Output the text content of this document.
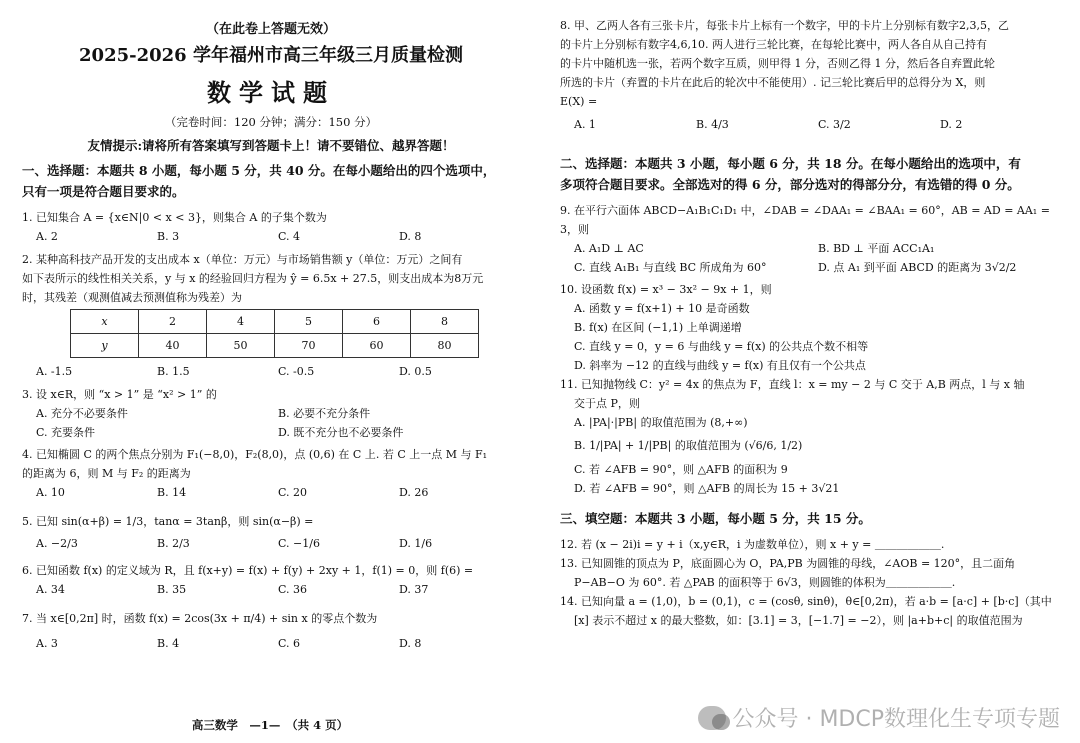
（在此卷上答题无效）
2025-2026 学年福州市高三年级三月质量检测
数学试题
（完卷时间：120 分钟；满分：150 分）
友情提示:请将所有答案填写到答题卡上！请不要错位、越界答题！
一、选择题：本题共 8 小题，每小题 5 分，共 40 分。在每小题给出的四个选项中，
只有一项是符合题目要求的。
1. 已知集合 A = {x∈N|0 < x < 3}，则集合 A 的子集个数为
A. 2	B. 3	C. 4	D. 8
2. 某种高科技产品开发的支出成本 x（单位：万元）与市场销售额 y（单位：万元）之间有
如下表所示的线性相关关系，y 与 x 的经验回归方程为 ŷ = 6.5x + 27.5，则支出成本为8万元
时，其残差（观测值减去预测值称为残差）为
x	2	4	5	6	8
y	40	50	70	60	80
A. -1.5	B. 1.5	C. -0.5	D. 0.5
3. 设 x∈R，则 “x > 1” 是 “x² > 1” 的
A. 充分不必要条件	B. 必要不充分条件
C. 充要条件	D. 既不充分也不必要条件
4. 已知椭圆 C 的两个焦点分别为 F₁(−8,0)，F₂(8,0)，点 (0,6) 在 C 上. 若 C 上一点 M 与 F₁
的距离为 6，则 M 与 F₂ 的距离为
A. 10	B. 14	C. 20	D. 26
5. 已知 sin(α+β) = 1/3，tanα = 3tanβ，则 sin(α−β) =
A. −2/3	B. 2/3	C. −1/6	D. 1/6
6. 已知函数 f(x) 的定义域为 R，且 f(x+y) = f(x) + f(y) + 2xy + 1，f(1) = 0，则 f(6) =
A. 34	B. 35	C. 36	D. 37
7. 当 x∈[0,2π] 时，函数 f(x) = 2cos(3x + π/4) + sin x 的零点个数为
A. 3	B. 4	C. 6	D. 8
高三数学　—1—　（共 4 页）
8. 甲、乙两人各有三张卡片，每张卡片上标有一个数字，甲的卡片上分别标有数字2,3,5，乙
的卡片上分别标有数字4,6,10. 两人进行三轮比赛，在每轮比赛中，两人各自从自己持有
的卡片中随机选一张，若两个数字互质，则甲得 1 分，否则乙得 1 分，然后各自弃置此轮
所选的卡片（弃置的卡片在此后的轮次中不能使用）. 记三轮比赛后甲的总得分为 X，则
E(X) =
A. 1	B. 4/3	C. 3/2	D. 2
二、选择题：本题共 3 小题，每小题 6 分，共 18 分。在每小题给出的选项中，有
多项符合题目要求。全部选对的得 6 分，部分选对的得部分分，有选错的得 0 分。
9. 在平行六面体 ABCD−A₁B₁C₁D₁ 中，∠DAB = ∠DAA₁ = ∠BAA₁ = 60°，AB = AD = AA₁ = 3，则
A. A₁D ⊥ AC	B. BD ⊥ 平面 ACC₁A₁
C. 直线 A₁B₁ 与直线 BC 所成角为 60°	D. 点 A₁ 到平面 ABCD 的距离为 3√2/2
10. 设函数 f(x) = x³ − 3x² − 9x + 1，则
A. 函数 y = f(x+1) + 10 是奇函数
B. f(x) 在区间 (−1,1) 上单调递增
C. 直线 y = 0，y = 6 与曲线 y = f(x) 的公共点个数不相等
D. 斜率为 −12 的直线与曲线 y = f(x) 有且仅有一个公共点
11. 已知抛物线 C：y² = 4x 的焦点为 F，直线 l：x = my − 2 与 C 交于 A,B 两点，l 与 x 轴
交于点 P，则
A. |PA|·|PB| 的取值范围为 (8,+∞)
B. 1/|PA| + 1/|PB| 的取值范围为 (√6/6, 1/2)
C. 若 ∠AFB = 90°，则 △AFB 的面积为 9
D. 若 ∠AFB = 90°，则 △AFB 的周长为 15 + 3√21
三、填空题：本题共 3 小题，每小题 5 分，共 15 分。
12. 若 (x − 2i)i = y + i（x,y∈R，i 为虚数单位），则 x + y = ＿＿＿＿＿＿.
13. 已知圆锥的顶点为 P，底面圆心为 O，PA,PB 为圆锥的母线，∠AOB = 120°，且二面角
P−AB−O 为 60°. 若 △PAB 的面积等于 6√3，则圆锥的体积为＿＿＿＿＿＿.
14. 已知向量 a = (1,0)，b = (0,1)，c = (cosθ, sinθ)，θ∈[0,2π)，若 a·b = [a·c] + [b·c]（其中
[x] 表示不超过 x 的最大整数，如：[3.1] = 3，[−1.7] = −2），则 |a+b+c| 的取值范围为
公众号 · MDCP数理化生专项专题
